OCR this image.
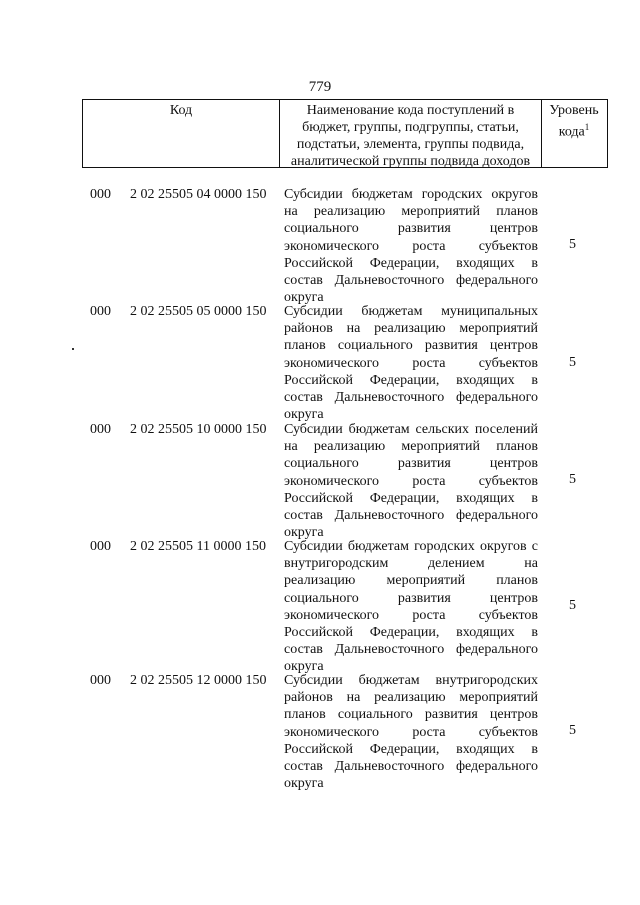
779
Код	Наименование кода поступлений в
бюджет, группы, подгруппы, статьи,
подстатьи, элемента, группы подвида,
аналитической группы подвида доходов
Уровень
кода$^1$
000 2 02 25505 04 0000 150 Субсидии бюджетам городских округов на реализацию мероприятий планов социального развития центров экономического роста субъектов Российской Федерации, входящих в состав Дальневосточного федерального округа
5
000 2 02 25505 05 0000 150 Субсидии бюджетам муниципальных районов на реализацию мероприятий планов социального развития центров экономического роста субъектов Российской Федерации, входящих в состав Дальневосточного федерального округа
5
000 2 02 25505 10 0000 150 Субсидии бюджетам сельских поселений на реализацию мероприятий планов социального развития центров экономического роста субъектов Российской Федерации, входящих в состав Дальневосточного федерального округа
5
000 2 02 25505 11 0000 150 Субсидии бюджетам городских округов с внутригородским делением на реализацию мероприятий планов социального развития центров экономического роста субъектов Российской Федерации, входящих в состав Дальневосточного федерального округа
5
000 2 02 25505 12 0000 150 Субсидии бюджетам внутригородских районов на реализацию мероприятий планов социального развития центров экономического роста субъектов Российской Федерации, входящих в состав Дальневосточного федерального округа
5
